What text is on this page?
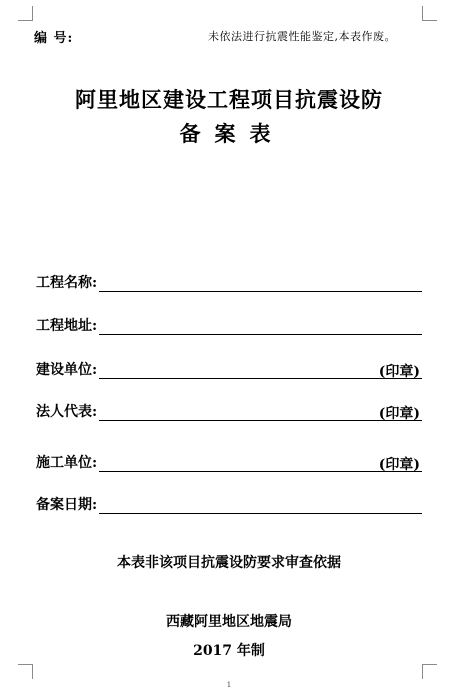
编 号:	未依法进行抗震性能鉴定,本表作废。
阿里地区建设工程项目抗震设防
备案表
工程名称:
工程地址:
建设单位:	(印章)
法人代表:	(印章)
施工单位:	(印章)
备案日期:
本表非该项目抗震设防要求审查依据
西藏阿里地区地震局
2017 年制
1
